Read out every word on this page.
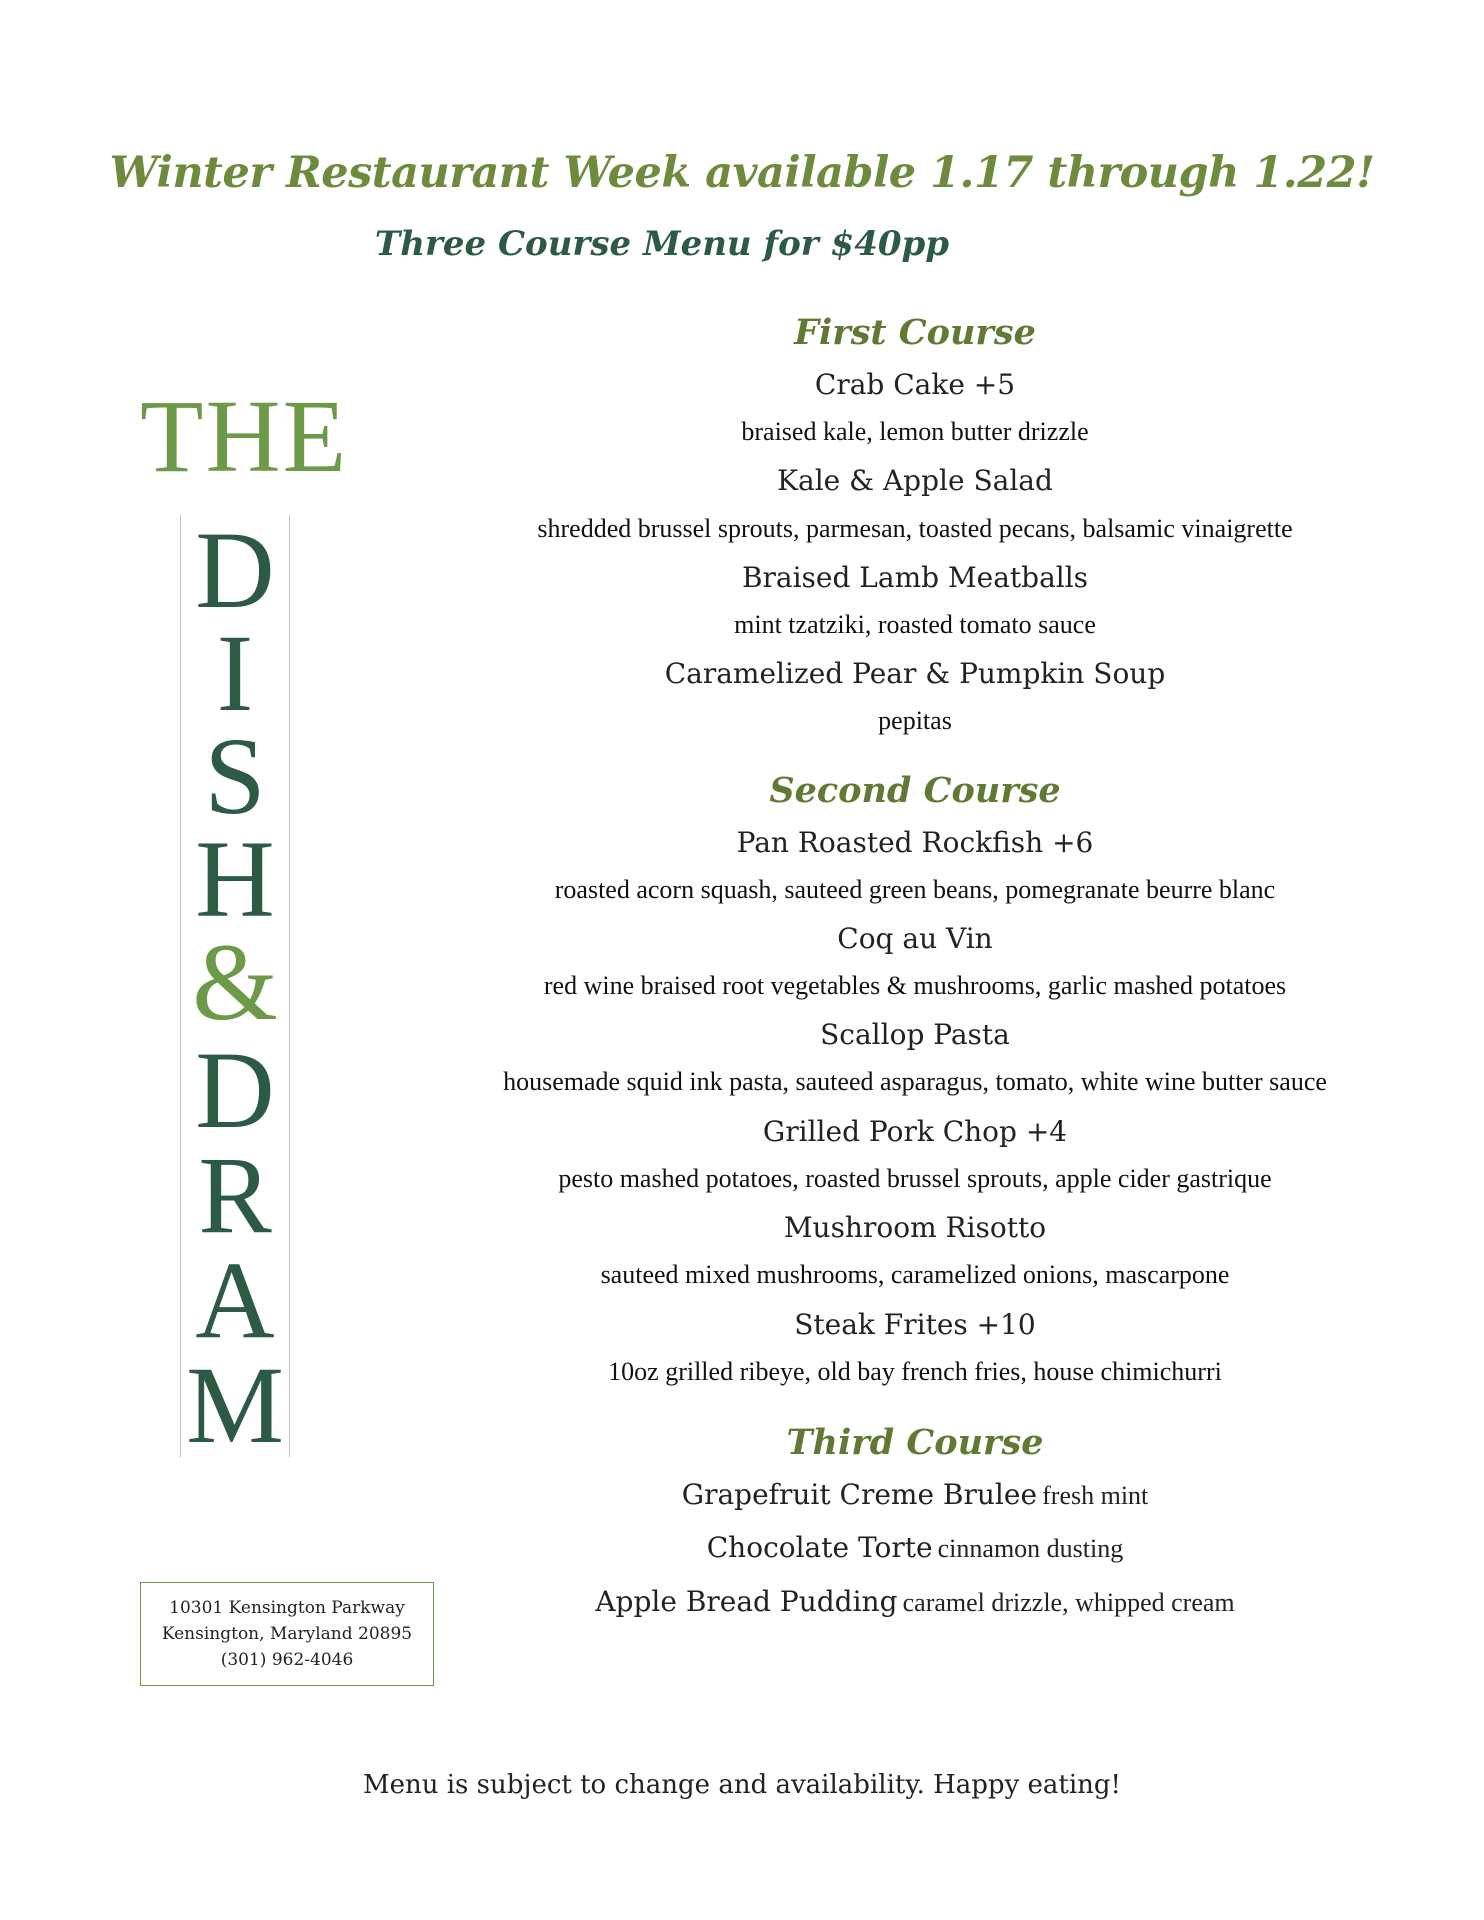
Winter Restaurant Week available 1.17 through 1.22!
Three Course Menu for $40pp
THE
D
I
S
H
&
D
R
A
M
10301 Kensington Parkway
Kensington, Maryland 20895
(301) 962-4046
First Course
Crab Cake +5
braised kale, lemon butter drizzle
Kale & Apple Salad
shredded brussel sprouts, parmesan, toasted pecans, balsamic vinaigrette
Braised Lamb Meatballs
mint tzatziki, roasted tomato sauce
Caramelized Pear & Pumpkin Soup
pepitas
Second Course
Pan Roasted Rockfish +6
roasted acorn squash, sauteed green beans, pomegranate beurre blanc
Coq au Vin
red wine braised root vegetables & mushrooms, garlic mashed potatoes
Scallop Pasta
housemade squid ink pasta, sauteed asparagus, tomato, white wine butter sauce
Grilled Pork Chop +4
pesto mashed potatoes, roasted brussel sprouts, apple cider gastrique
Mushroom Risotto
sauteed mixed mushrooms, caramelized onions, mascarpone
Steak Frites +10
10oz grilled ribeye, old bay french fries, house chimichurri
Third Course
Grapefruit Creme Brulee fresh mint
Chocolate Torte cinnamon dusting
Apple Bread Pudding caramel drizzle, whipped cream
Menu is subject to change and availability. Happy eating!
